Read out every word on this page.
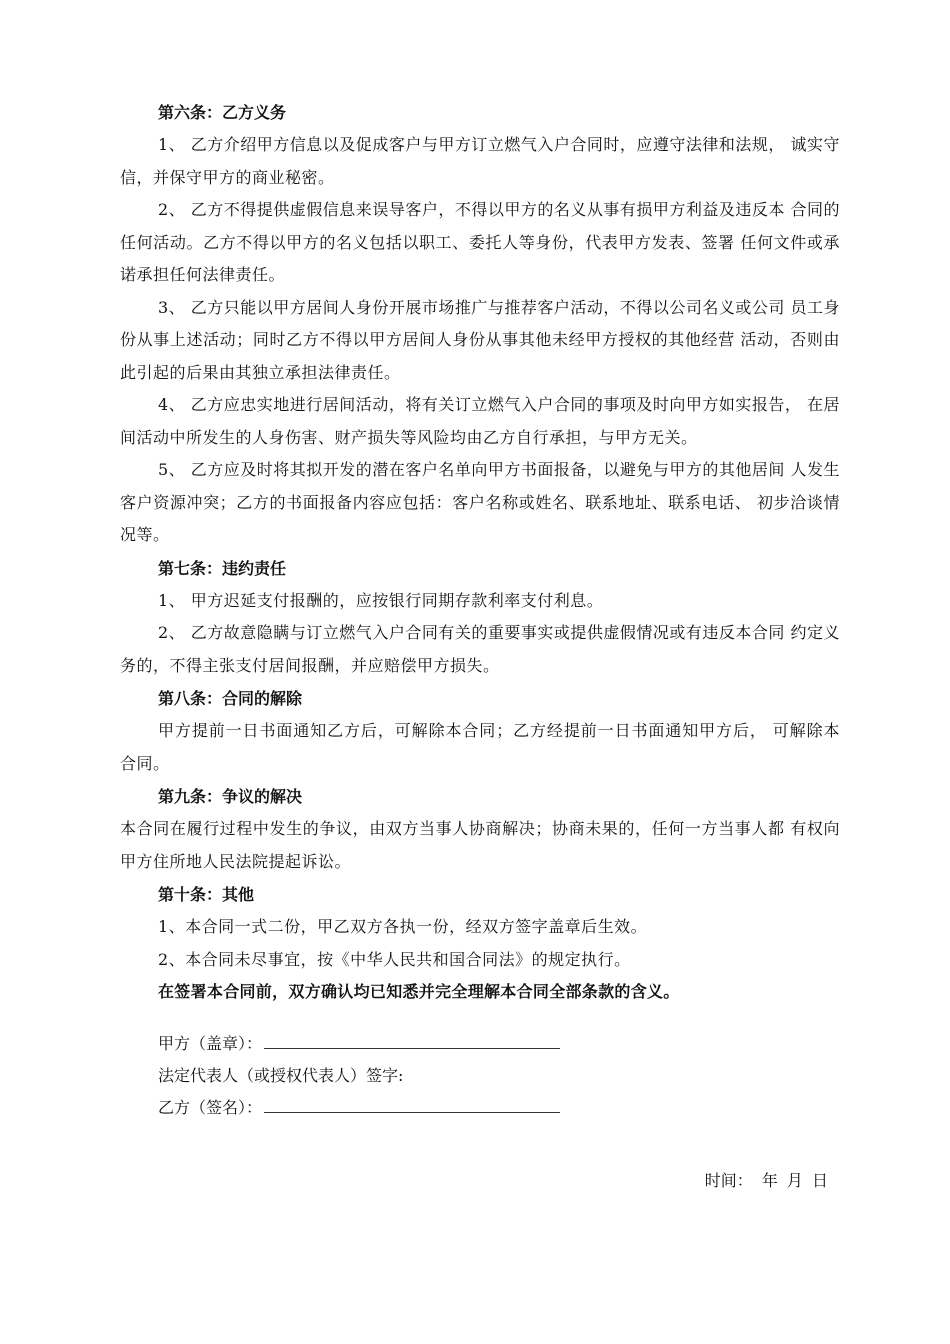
第六条：乙方义务
1、 乙方介绍甲方信息以及促成客户与甲方订立燃气入户合同时，应遵守法律和法规， 诚实守信，并保守甲方的商业秘密。
2、 乙方不得提供虚假信息来误导客户，不得以甲方的名义从事有损甲方利益及违反本 合同的任何活动。乙方不得以甲方的名义包括以职工、委托人等身份，代表甲方发表、签署 任何文件或承诺承担任何法律责任。
3、 乙方只能以甲方居间人身份开展市场推广与推荐客户活动，不得以公司名义或公司 员工身份从事上述活动；同时乙方不得以甲方居间人身份从事其他未经甲方授权的其他经营 活动，否则由此引起的后果由其独立承担法律责任。
4、 乙方应忠实地进行居间活动，将有关订立燃气入户合同的事项及时向甲方如实报告， 在居间活动中所发生的人身伤害、财产损失等风险均由乙方自行承担，与甲方无关。
5、 乙方应及时将其拟开发的潜在客户名单向甲方书面报备，以避免与甲方的其他居间 人发生客户资源冲突；乙方的书面报备内容应包括：客户名称或姓名、联系地址、联系电话、 初步洽谈情况等。
第七条：违约责任
1、 甲方迟延支付报酬的，应按银行同期存款利率支付利息。
2、 乙方故意隐瞒与订立燃气入户合同有关的重要事实或提供虚假情况或有违反本合同 约定义务的，不得主张支付居间报酬，并应赔偿甲方损失。
第八条：合同的解除
甲方提前一日书面通知乙方后，可解除本合同；乙方经提前一日书面通知甲方后， 可解除本合同。
第九条：争议的解决
本合同在履行过程中发生的争议，由双方当事人协商解决；协商未果的，任何一方当事人都 有权向甲方住所地人民法院提起诉讼。
第十条：其他
1、本合同一式二份，甲乙双方各执一份，经双方签字盖章后生效。
2、本合同未尽事宜，按《中华人民共和国合同法》的规定执行。
在签署本合同前，双方确认均已知悉并完全理解本合同全部条款的含义。
甲方（盖章）：
法定代表人（或授权代表人）签字:
乙方（签名）：
时间： 年 月 日
